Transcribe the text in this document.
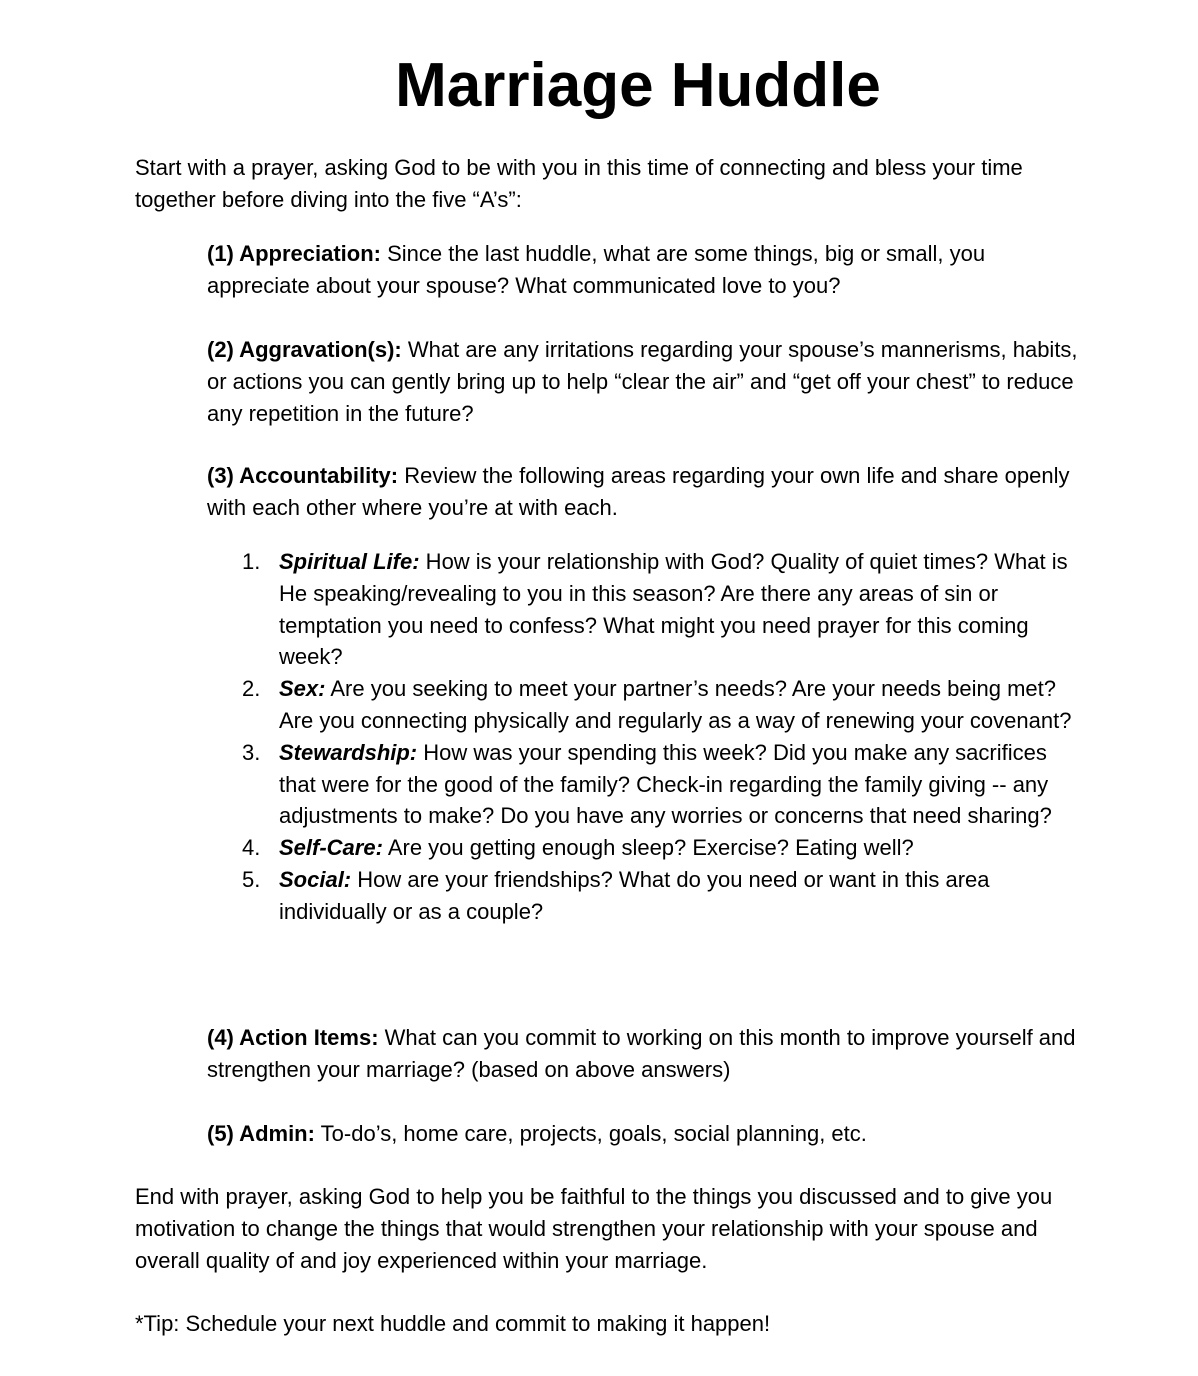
Marriage Huddle

Start with a prayer, asking God to be with you in this time of connecting and bless your time together before diving into the five “A’s”:

(1) Appreciation: Since the last huddle, what are some things, big or small, you appreciate about your spouse? What communicated love to you?

(2) Aggravation(s): What are any irritations regarding your spouse’s mannerisms, habits, or actions you can gently bring up to help “clear the air” and “get off your chest” to reduce any repetition in the future?

(3) Accountability: Review the following areas regarding your own life and share openly with each other where you’re at with each.

1. Spiritual Life: How is your relationship with God? Quality of quiet times? What is He speaking/revealing to you in this season? Are there any areas of sin or temptation you need to confess? What might you need prayer for this coming week?
2. Sex: Are you seeking to meet your partner’s needs? Are your needs being met? Are you connecting physically and regularly as a way of renewing your covenant?
3. Stewardship: How was your spending this week? Did you make any sacrifices that were for the good of the family? Check-in regarding the family giving -- any adjustments to make? Do you have any worries or concerns that need sharing?
4. Self-Care: Are you getting enough sleep? Exercise? Eating well?
5. Social: How are your friendships? What do you need or want in this area individually or as a couple?

(4) Action Items: What can you commit to working on this month to improve yourself and strengthen your marriage? (based on above answers)

(5) Admin: To-do’s, home care, projects, goals, social planning, etc.

End with prayer, asking God to help you be faithful to the things you discussed and to give you motivation to change the things that would strengthen your relationship with your spouse and overall quality of and joy experienced within your marriage.

*Tip: Schedule your next huddle and commit to making it happen!
